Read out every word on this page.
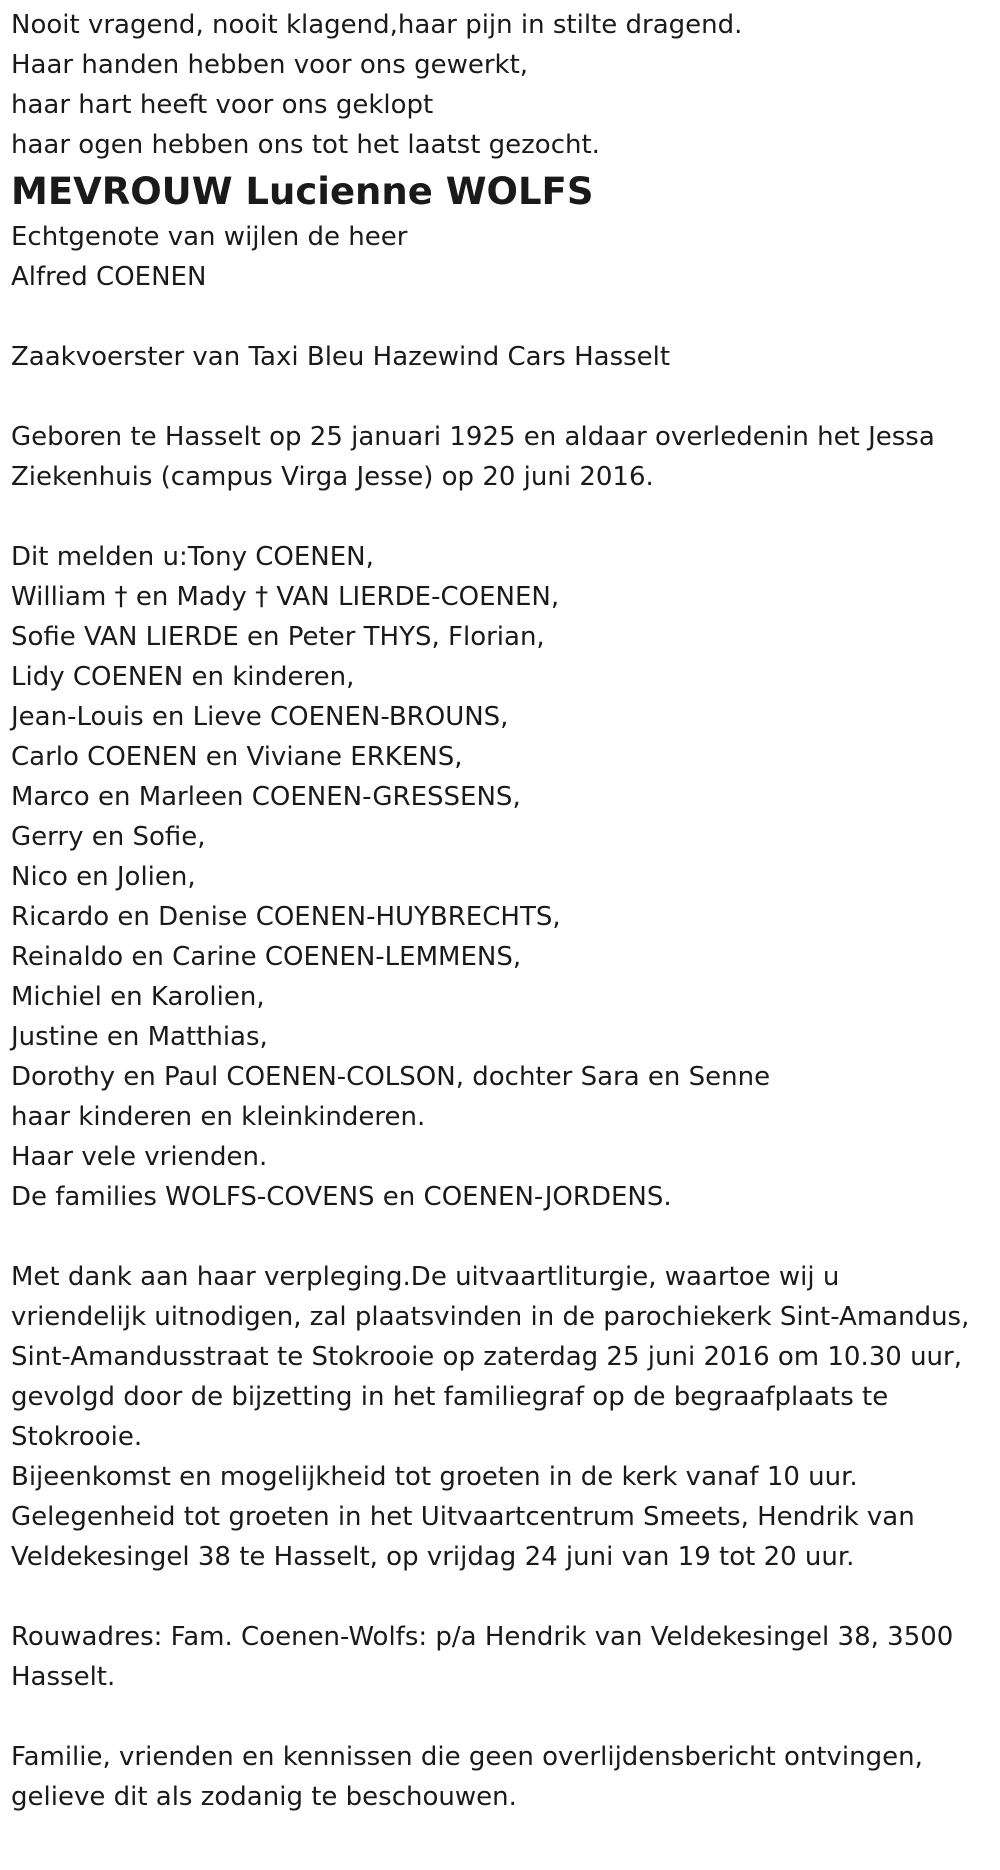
Nooit vragend, nooit klagend,haar pijn in stilte dragend.
Haar handen hebben voor ons gewerkt,
haar hart heeft voor ons geklopt
haar ogen hebben ons tot het laatst gezocht.
MEVROUW Lucienne WOLFS
Echtgenote van wijlen de heer
Alfred COENEN
Zaakvoerster van Taxi Bleu Hazewind Cars Hasselt
Geboren te Hasselt op 25 januari 1925 en aldaar overledenin het Jessa
Ziekenhuis (campus Virga Jesse) op 20 juni 2016.
Dit melden u:Tony COENEN,
William † en Mady † VAN LIERDE-COENEN,
Sofie VAN LIERDE en Peter THYS, Florian,
Lidy COENEN en kinderen,
Jean-Louis en Lieve COENEN-BROUNS,
Carlo COENEN en Viviane ERKENS,
Marco en Marleen COENEN-GRESSENS,
Gerry en Sofie,
Nico en Jolien,
Ricardo en Denise COENEN-HUYBRECHTS,
Reinaldo en Carine COENEN-LEMMENS,
Michiel en Karolien,
Justine en Matthias,
Dorothy en Paul COENEN-COLSON, dochter Sara en Senne
haar kinderen en kleinkinderen.
Haar vele vrienden.
De families WOLFS-COVENS en COENEN-JORDENS.
Met dank aan haar verpleging.De uitvaartliturgie, waartoe wij u
vriendelijk uitnodigen, zal plaatsvinden in de parochiekerk Sint-Amandus,
Sint-Amandusstraat te Stokrooie op zaterdag 25 juni 2016 om 10.30 uur,
gevolgd door de bijzetting in het familiegraf op de begraafplaats te
Stokrooie.
Bijeenkomst en mogelijkheid tot groeten in de kerk vanaf 10 uur.
Gelegenheid tot groeten in het Uitvaartcentrum Smeets, Hendrik van
Veldekesingel 38 te Hasselt, op vrijdag 24 juni van 19 tot 20 uur.
Rouwadres: Fam. Coenen-Wolfs: p/a Hendrik van Veldekesingel 38, 3500
Hasselt.
Familie, vrienden en kennissen die geen overlijdensbericht ontvingen,
gelieve dit als zodanig te beschouwen.
